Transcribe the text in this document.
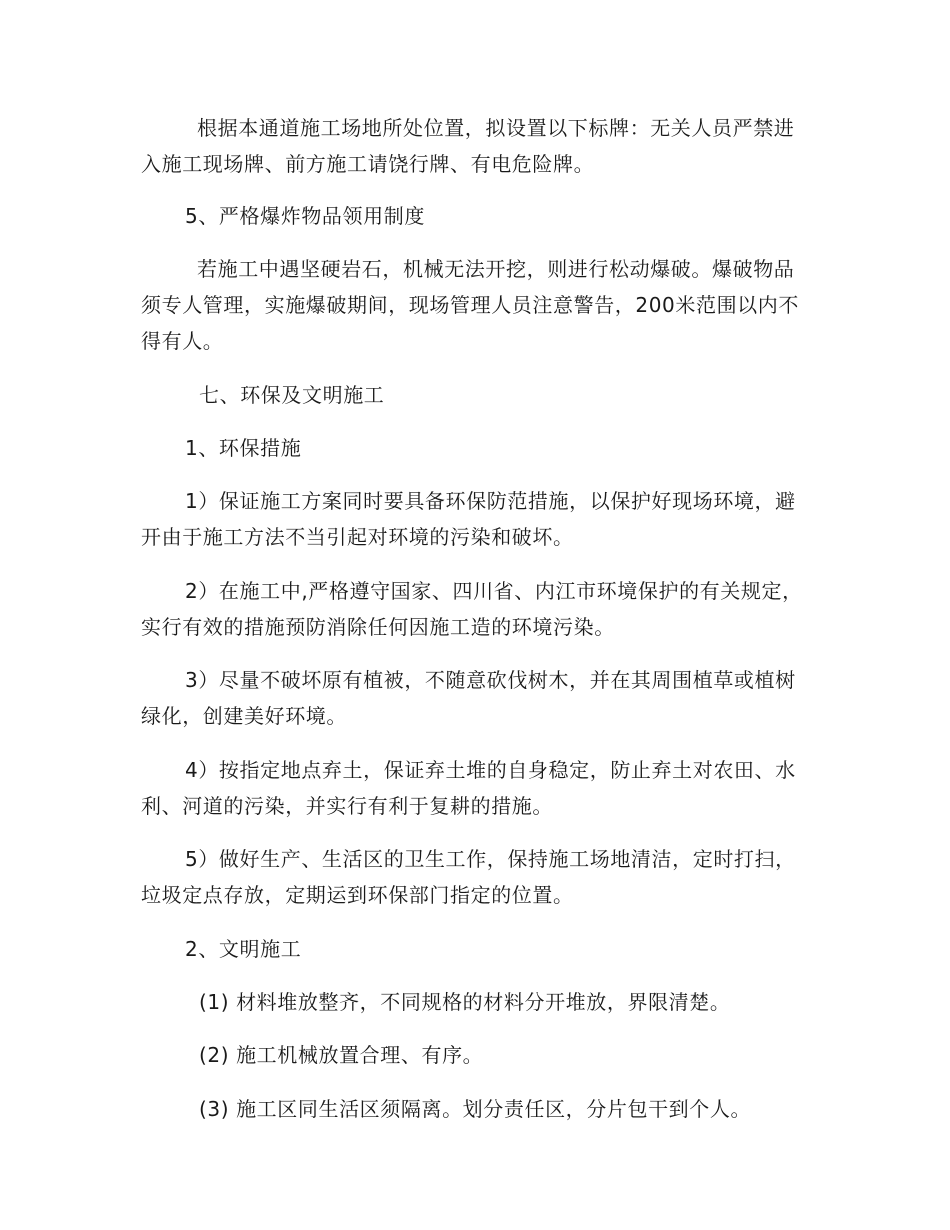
根据本通道施工场地所处位置，拟设置以下标牌：无关人员严禁进入施工现场牌、前方施工请饶行牌、有电危险牌。

5、严格爆炸物品领用制度

若施工中遇坚硬岩石，机械无法开挖，则进行松动爆破。爆破物品须专人管理，实施爆破期间，现场管理人员注意警告，200米范围以内不得有人。

七、环保及文明施工

1、环保措施

1）保证施工方案同时要具备环保防范措施，以保护好现场环境，避开由于施工方法不当引起对环境的污染和破坏。

2）在施工中,严格遵守国家、四川省、内江市环境保护的有关规定，实行有效的措施预防消除任何因施工造的环境污染。

3）尽量不破坏原有植被，不随意砍伐树木，并在其周围植草或植树绿化，创建美好环境。

4）按指定地点弃土，保证弃土堆的自身稳定，防止弃土对农田、水利、河道的污染，并实行有利于复耕的措施。

5）做好生产、生活区的卫生工作，保持施工场地清洁，定时打扫，垃圾定点存放，定期运到环保部门指定的位置。

2、文明施工

(1) 材料堆放整齐，不同规格的材料分开堆放，界限清楚。

(2) 施工机械放置合理、有序。

(3) 施工区同生活区须隔离。划分责任区，分片包干到个人。
